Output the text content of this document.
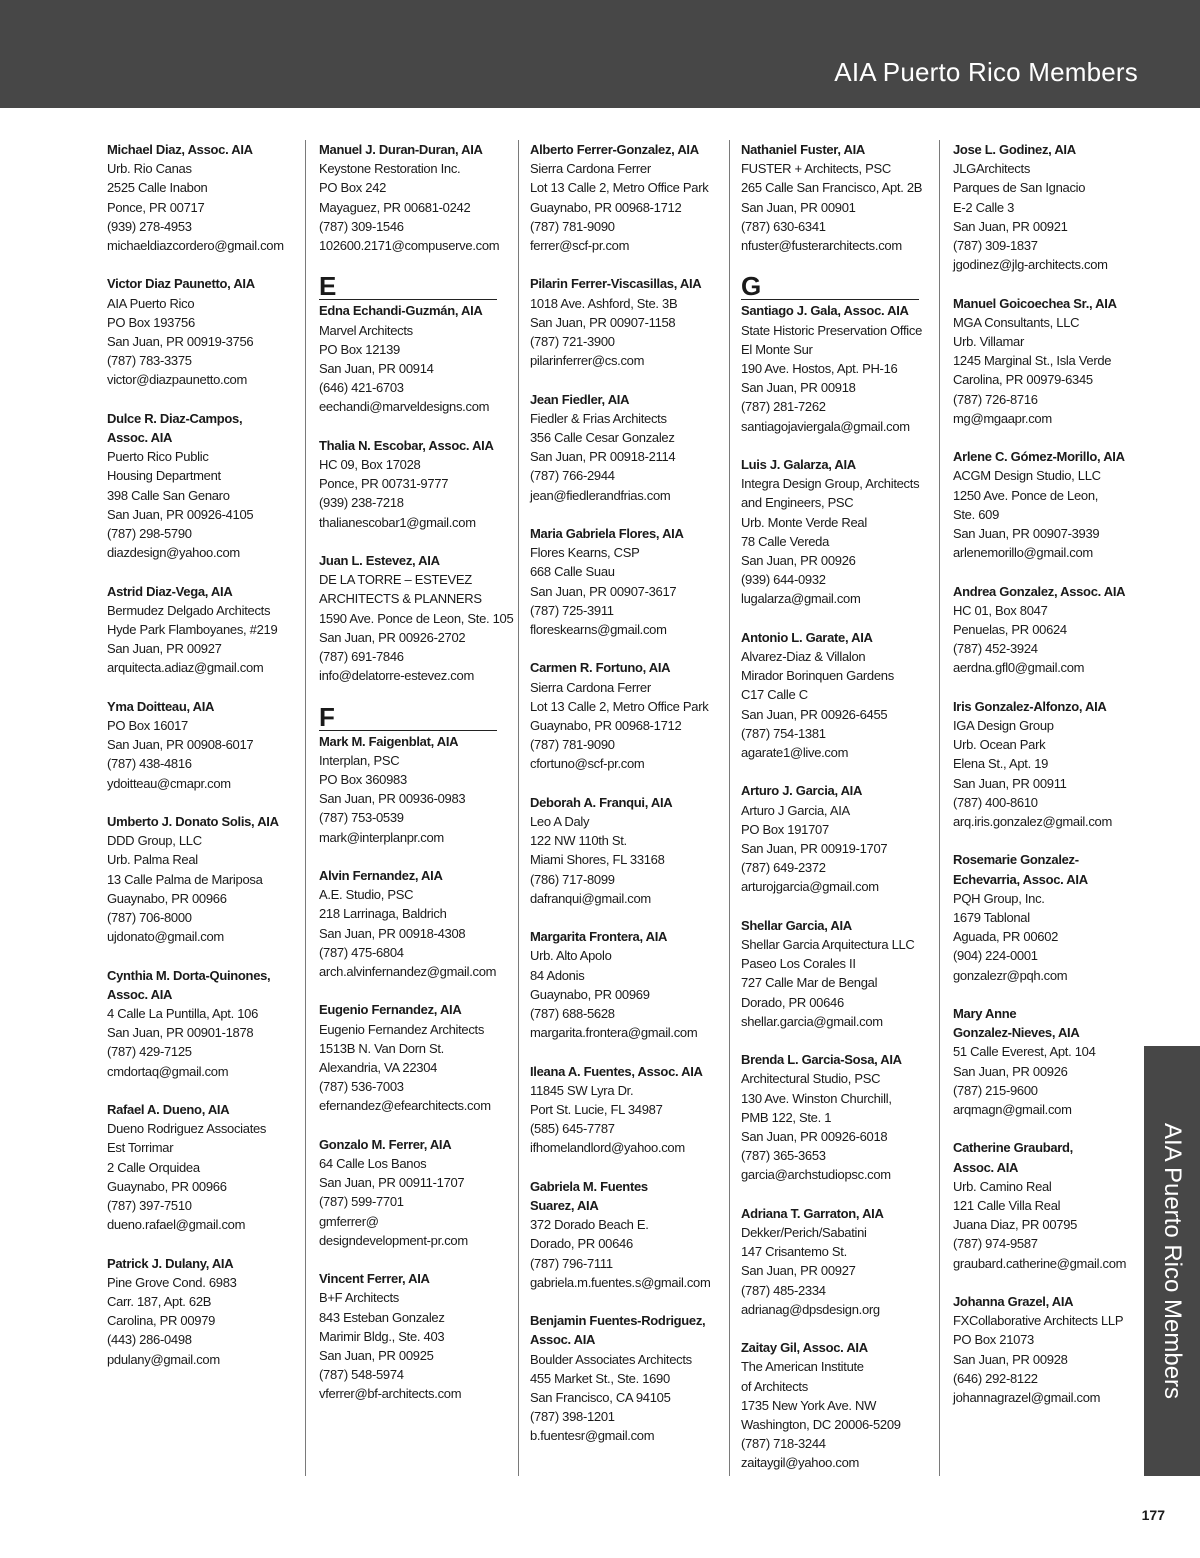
AIA Puerto Rico Members
Michael Diaz, Assoc. AIA
Urb. Rio Canas
2525 Calle Inabon
Ponce, PR 00717
(939) 278-4953
michaeldiazcordero@gmail.com
Victor Diaz Paunetto, AIA
AIA Puerto Rico
PO Box 193756
San Juan, PR 00919-3756
(787) 783-3375
victor@diazpaunetto.com
Dulce R. Diaz-Campos,
Assoc. AIA
Puerto Rico Public
Housing Department
398 Calle San Genaro
San Juan, PR 00926-4105
(787) 298-5790
diazdesign@yahoo.com
Astrid Diaz-Vega, AIA
Bermudez Delgado Architects
Hyde Park Flamboyanes, #219
San Juan, PR 00927
arquitecta.adiaz@gmail.com
Yma Doitteau, AIA
PO Box 16017
San Juan, PR 00908-6017
(787) 438-4816
ydoitteau@cmapr.com
Umberto J. Donato Solis, AIA
DDD Group, LLC
Urb. Palma Real
13 Calle Palma de Mariposa
Guaynabo, PR 00966
(787) 706-8000
ujdonato@gmail.com
Cynthia M. Dorta-Quinones,
Assoc. AIA
4 Calle La Puntilla, Apt. 106
San Juan, PR 00901-1878
(787) 429-7125
cmdortaq@gmail.com
Rafael A. Dueno, AIA
Dueno Rodriguez Associates
Est Torrimar
2 Calle Orquidea
Guaynabo, PR 00966
(787) 397-7510
dueno.rafael@gmail.com
Patrick J. Dulany, AIA
Pine Grove Cond. 6983
Carr. 187, Apt. 62B
Carolina, PR 00979
(443) 286-0498
pdulany@gmail.com
Manuel J. Duran-Duran, AIA
Keystone Restoration Inc.
PO Box 242
Mayaguez, PR 00681-0242
(787) 309-1546
102600.2171@compuserve.com
E
Edna Echandi-Guzmán, AIA
Marvel Architects
PO Box 12139
San Juan, PR 00914
(646) 421-6703
eechandi@marveldesigns.com
Thalia N. Escobar, Assoc. AIA
HC 09, Box 17028
Ponce, PR 00731-9777
(939) 238-7218
thalianescobar1@gmail.com
Juan L. Estevez, AIA
DE LA TORRE – ESTEVEZ
ARCHITECTS & PLANNERS
1590 Ave. Ponce de Leon, Ste. 105
San Juan, PR 00926-2702
(787) 691-7846
info@delatorre-estevez.com
F
Mark M. Faigenblat, AIA
Interplan, PSC
PO Box 360983
San Juan, PR 00936-0983
(787) 753-0539
mark@interplanpr.com
Alvin Fernandez, AIA
A.E. Studio, PSC
218 Larrinaga, Baldrich
San Juan, PR 00918-4308
(787) 475-6804
arch.alvinfernandez@gmail.com
Eugenio Fernandez, AIA
Eugenio Fernandez Architects
1513B N. Van Dorn St.
Alexandria, VA 22304
(787) 536-7003
efernandez@efearchitects.com
Gonzalo M. Ferrer, AIA
64 Calle Los Banos
San Juan, PR 00911-1707
(787) 599-7701
gmferrer@
designdevelopment-pr.com
Vincent Ferrer, AIA
B+F Architects
843 Esteban Gonzalez
Marimir Bldg., Ste. 403
San Juan, PR 00925
(787) 548-5974
vferrer@bf-architects.com
Alberto Ferrer-Gonzalez, AIA
Sierra Cardona Ferrer
Lot 13 Calle 2, Metro Office Park
Guaynabo, PR 00968-1712
(787) 781-9090
ferrer@scf-pr.com
Pilarin Ferrer-Viscasillas, AIA
1018 Ave. Ashford, Ste. 3B
San Juan, PR 00907-1158
(787) 721-3900
pilarinferrer@cs.com
Jean Fiedler, AIA
Fiedler & Frias Architects
356 Calle Cesar Gonzalez
San Juan, PR 00918-2114
(787) 766-2944
jean@fiedlerandfrias.com
Maria Gabriela Flores, AIA
Flores Kearns, CSP
668 Calle Suau
San Juan, PR 00907-3617
(787) 725-3911
floreskearns@gmail.com
Carmen R. Fortuno, AIA
Sierra Cardona Ferrer
Lot 13 Calle 2, Metro Office Park
Guaynabo, PR 00968-1712
(787) 781-9090
cfortuno@scf-pr.com
Deborah A. Franqui, AIA
Leo A Daly
122 NW 110th St.
Miami Shores, FL 33168
(786) 717-8099
dafranqui@gmail.com
Margarita Frontera, AIA
Urb. Alto Apolo
84 Adonis
Guaynabo, PR 00969
(787) 688-5628
margarita.frontera@gmail.com
Ileana A. Fuentes, Assoc. AIA
11845 SW Lyra Dr.
Port St. Lucie, FL 34987
(585) 645-7787
ifhomelandlord@yahoo.com
Gabriela M. Fuentes
Suarez, AIA
372 Dorado Beach E.
Dorado, PR 00646
(787) 796-7111
gabriela.m.fuentes.s@gmail.com
Benjamin Fuentes-Rodriguez,
Assoc. AIA
Boulder Associates Architects
455 Market St., Ste. 1690
San Francisco, CA 94105
(787) 398-1201
b.fuentesr@gmail.com
Nathaniel Fuster, AIA
FUSTER + Architects, PSC
265 Calle San Francisco, Apt. 2B
San Juan, PR 00901
(787) 630-6341
nfuster@fusterarchitects.com
G
Santiago J. Gala, Assoc. AIA
State Historic Preservation Office
El Monte Sur
190 Ave. Hostos, Apt. PH-16
San Juan, PR 00918
(787) 281-7262
santiagojaviergala@gmail.com
Luis J. Galarza, AIA
Integra Design Group, Architects
and Engineers, PSC
Urb. Monte Verde Real
78 Calle Vereda
San Juan, PR 00926
(939) 644-0932
lugalarza@gmail.com
Antonio L. Garate, AIA
Alvarez-Diaz & Villalon
Mirador Borinquen Gardens
C17 Calle C
San Juan, PR 00926-6455
(787) 754-1381
agarate1@live.com
Arturo J. Garcia, AIA
Arturo J Garcia, AIA
PO Box 191707
San Juan, PR 00919-1707
(787) 649-2372
arturojgarcia@gmail.com
Shellar Garcia, AIA
Shellar Garcia Arquitectura LLC
Paseo Los Corales II
727 Calle Mar de Bengal
Dorado, PR 00646
shellar.garcia@gmail.com
Brenda L. Garcia-Sosa, AIA
Architectural Studio, PSC
130 Ave. Winston Churchill,
PMB 122, Ste. 1
San Juan, PR 00926-6018
(787) 365-3653
garcia@archstudiopsc.com
Adriana T. Garraton, AIA
Dekker/Perich/Sabatini
147 Crisantemo St.
San Juan, PR 00927
(787) 485-2334
adrianag@dpsdesign.org
Zaitay Gil, Assoc. AIA
The American Institute
of Architects
1735 New York Ave. NW
Washington, DC 20006-5209
(787) 718-3244
zaitaygil@yahoo.com
Jose L. Godinez, AIA
JLGArchitects
Parques de San Ignacio
E-2 Calle 3
San Juan, PR 00921
(787) 309-1837
jgodinez@jlg-architects.com
Manuel Goicoechea Sr., AIA
MGA Consultants, LLC
Urb. Villamar
1245 Marginal St., Isla Verde
Carolina, PR 00979-6345
(787) 726-8716
mg@mgaapr.com
Arlene C. Gómez-Morillo, AIA
ACGM Design Studio, LLC
1250 Ave. Ponce de Leon,
Ste. 609
San Juan, PR 00907-3939
arlenemorillo@gmail.com
Andrea Gonzalez, Assoc. AIA
HC 01, Box 8047
Penuelas, PR 00624
(787) 452-3924
aerdna.gfl0@gmail.com
Iris Gonzalez-Alfonzo, AIA
IGA Design Group
Urb. Ocean Park
Elena St., Apt. 19
San Juan, PR 00911
(787) 400-8610
arq.iris.gonzalez@gmail.com
Rosemarie Gonzalez-
Echevarria, Assoc. AIA
PQH Group, Inc.
1679 Tablonal
Aguada, PR 00602
(904) 224-0001
gonzalezr@pqh.com
Mary Anne
Gonzalez-Nieves, AIA
51 Calle Everest, Apt. 104
San Juan, PR 00926
(787) 215-9600
arqmagn@gmail.com
Catherine Graubard,
Assoc. AIA
Urb. Camino Real
121 Calle Villa Real
Juana Diaz, PR 00795
(787) 974-9587
graubard.catherine@gmail.com
Johanna Grazel, AIA
FXCollaborative Architects LLP
PO Box 21073
San Juan, PR 00928
(646) 292-8122
johannagrazel@gmail.com	AIA Puerto Rico Members
177
